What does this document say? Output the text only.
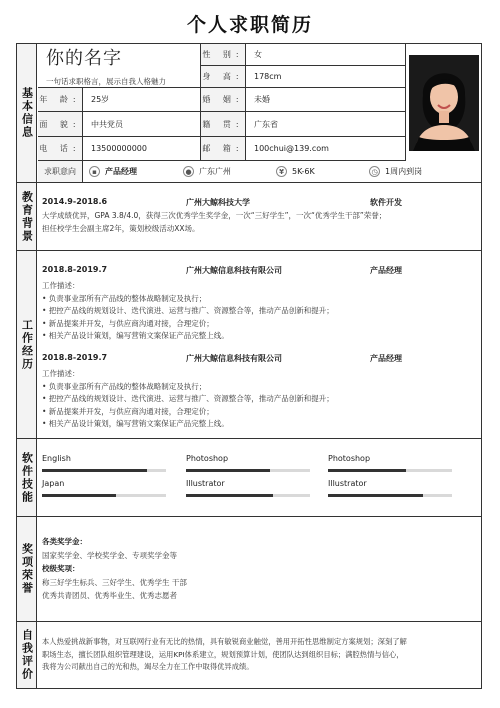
个人求职简历
基本信息
你的名字
一句话求职格言，展示自我人格魅力
性 别:	女
身 高:	178cm
年 龄:	25岁	婚 姻:	未婚
面 貌:	中共党员	籍 贯:	广东省
电 话:	13500000000	邮 箱:	100chui@139.com
求职意向	▪	产品经理	● 广东广州	¥	5K-6K	◷ 1周内到岗
教育背景 2014.9-2018.6	广州大鲸科技大学	软件开发
大学成绩优异，GPA 3.8/4.0，获得三次优秀学生奖学金，一次“三好学生”，一次“优秀学生干部”荣誉；
担任校学生会副主席2年，策划校级活动XX场。
工作经历
2018.8-2019.7	广州大鲸信息科技有限公司	产品经理
工作描述：
• 负责事业部所有产品线的整体战略制定及执行；
• 把控产品线的规划设计、迭代演进、运营与推广、资源整合等，推动产品创新和提升；
• 新品提案并开发，与供应商沟通对接，合理定价；
• 相关产品设计策划，编写营销文案保证产品完整上线。
2018.8-2019.7	广州大鲸信息科技有限公司	产品经理
工作描述：
• 负责事业部所有产品线的整体战略制定及执行；
• 把控产品线的规划设计、迭代演进、运营与推广、资源整合等，推动产品创新和提升；
• 新品提案并开发，与供应商沟通对接，合理定价；
• 相关产品设计策划，编写营销文案保证产品完整上线。
软件技能 English	Photoshop	Photoshop
Japan	Illustrator	Illustrator
奖项荣誉
各类奖学金：
国家奖学金、学校奖学金、专项奖学金等
校级奖项：
称三好学生标兵、三好学生、优秀学生 干部
优秀共青团员、优秀毕业生、优秀志愿者
自我评价 本人热爱挑战新事物，对互联网行业有无比的热情，具有敏锐商业触觉，善用开拓性思维制定方案规划；深刻了解
职场生态，擅长团队组织管理建设，运用KPI体系建立，规划预算计划，使团队达到组织目标；满腔热情与信心，
我将为公司献出自己的光和热，竭尽全力在工作中取得优异成绩。
